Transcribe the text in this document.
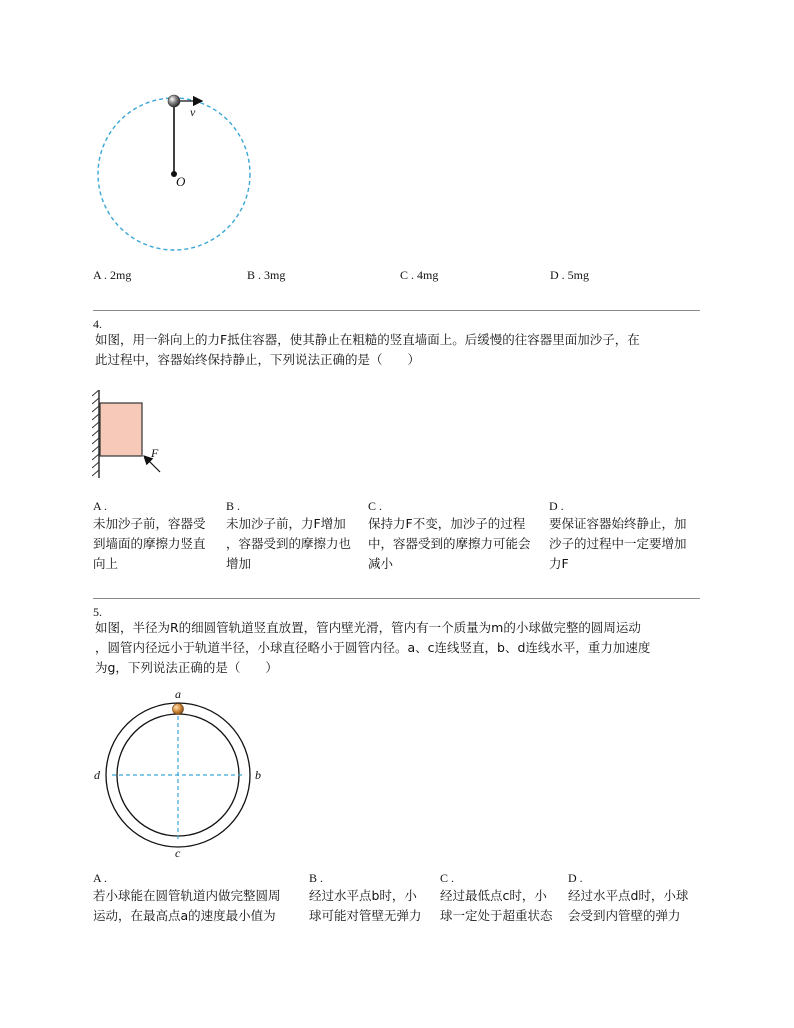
v
O
A . 2mg	B . 3mg	C . 4mg	D . 5mg
4.
如图，用一斜向上的力F抵住容器，使其静止在粗糙的竖直墙面上。后缓慢的往容器里面加沙子，在
此过程中，容器始终保持静止，下列说法正确的是（　　）
F
A .
未加沙子前，容器受
到墙面的摩擦力竖直
向上
B .
未加沙子前，力F增加
，容器受到的摩擦力也
增加
C .
保持力F不变，加沙子的过程
中，容器受到的摩擦力可能会
减小
D .
要保证容器始终静止，加
沙子的过程中一定要增加
力F
5.
如图，半径为R的细圆管轨道竖直放置，管内壁光滑，管内有一个质量为m的小球做完整的圆周运动
，圆管内径远小于轨道半径，小球直径略小于圆管内径。a、c连线竖直，b、d连线水平，重力加速度
为g，下列说法正确的是（　　）
a
b
c
d
A .
若小球能在圆管轨道内做完整圆周
运动，在最高点a的速度最小值为
B .
经过水平点b时，小
球可能对管壁无弹力
C .
经过最低点c时，小
球一定处于超重状态
D .
经过水平点d时，小球
会受到内管壁的弹力
